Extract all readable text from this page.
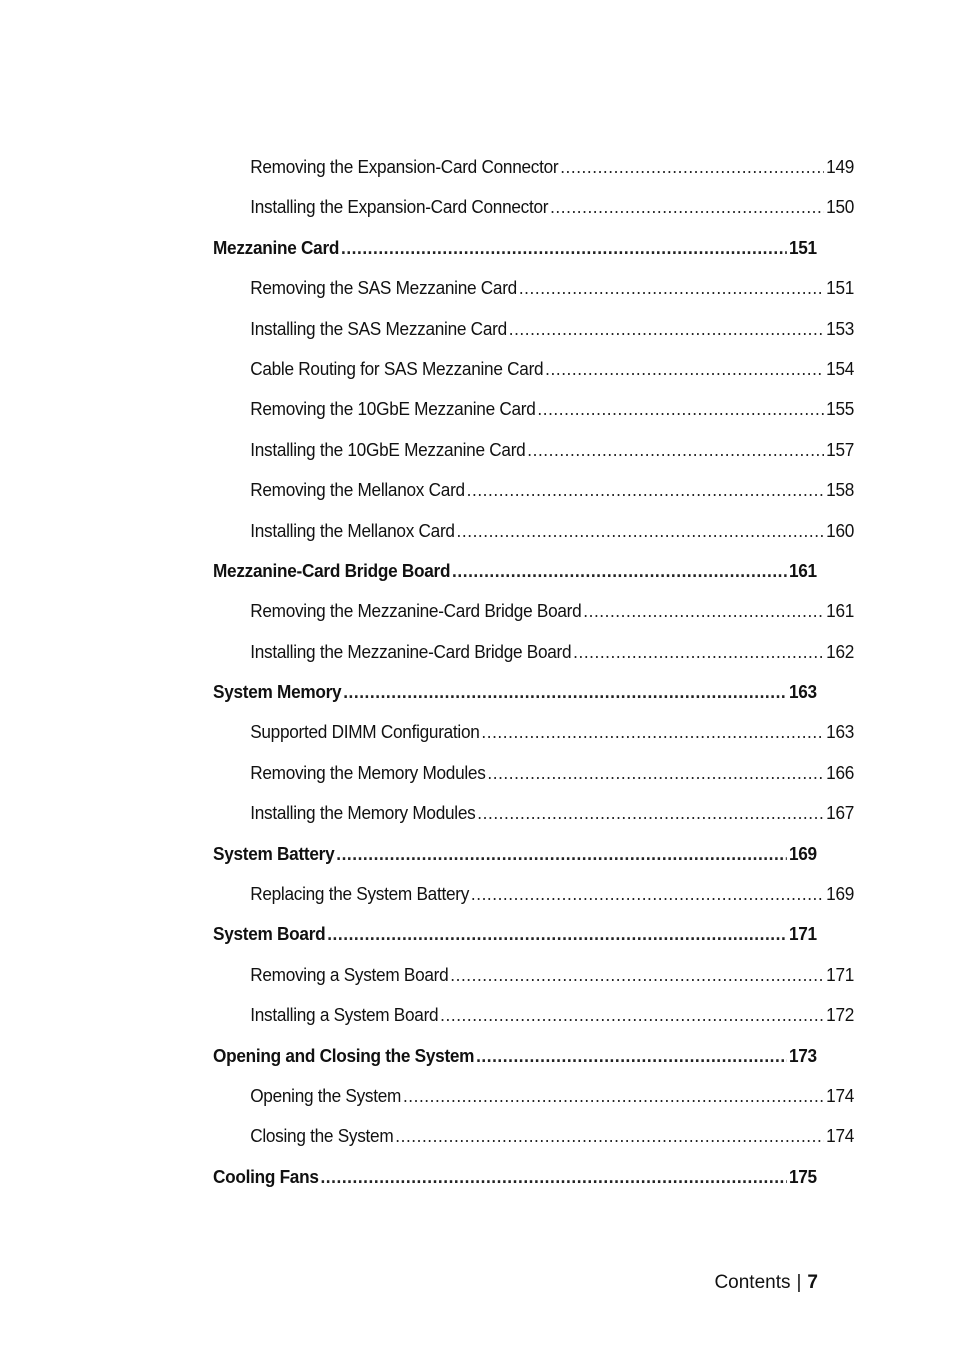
Removing the Expansion-Card Connector .....	149
Installing the Expansion-Card Connector .....	150
Mezzanine Card .....	151
Removing the SAS Mezzanine Card .....	151
Installing the SAS Mezzanine Card .....	153
Cable Routing for SAS Mezzanine Card .....	154
Removing the 10GbE Mezzanine Card .....	155
Installing the 10GbE Mezzanine Card .....	157
Removing the Mellanox Card .....	158
Installing the Mellanox Card .....	160
Mezzanine-Card Bridge Board .....	161
Removing the Mezzanine-Card Bridge Board .....	161
Installing the Mezzanine-Card Bridge Board .....	162
System Memory .....	163
Supported DIMM Configuration .....	163
Removing the Memory Modules .....	166
Installing the Memory Modules .....	167
System Battery .....	169
Replacing the System Battery .....	169
System Board .....	171
Removing a System Board .....	171
Installing a System Board .....	172
Opening and Closing the System .....	173
Opening the System .....	174
Closing the System .....	174
Cooling Fans .....	175
Contents | 7
